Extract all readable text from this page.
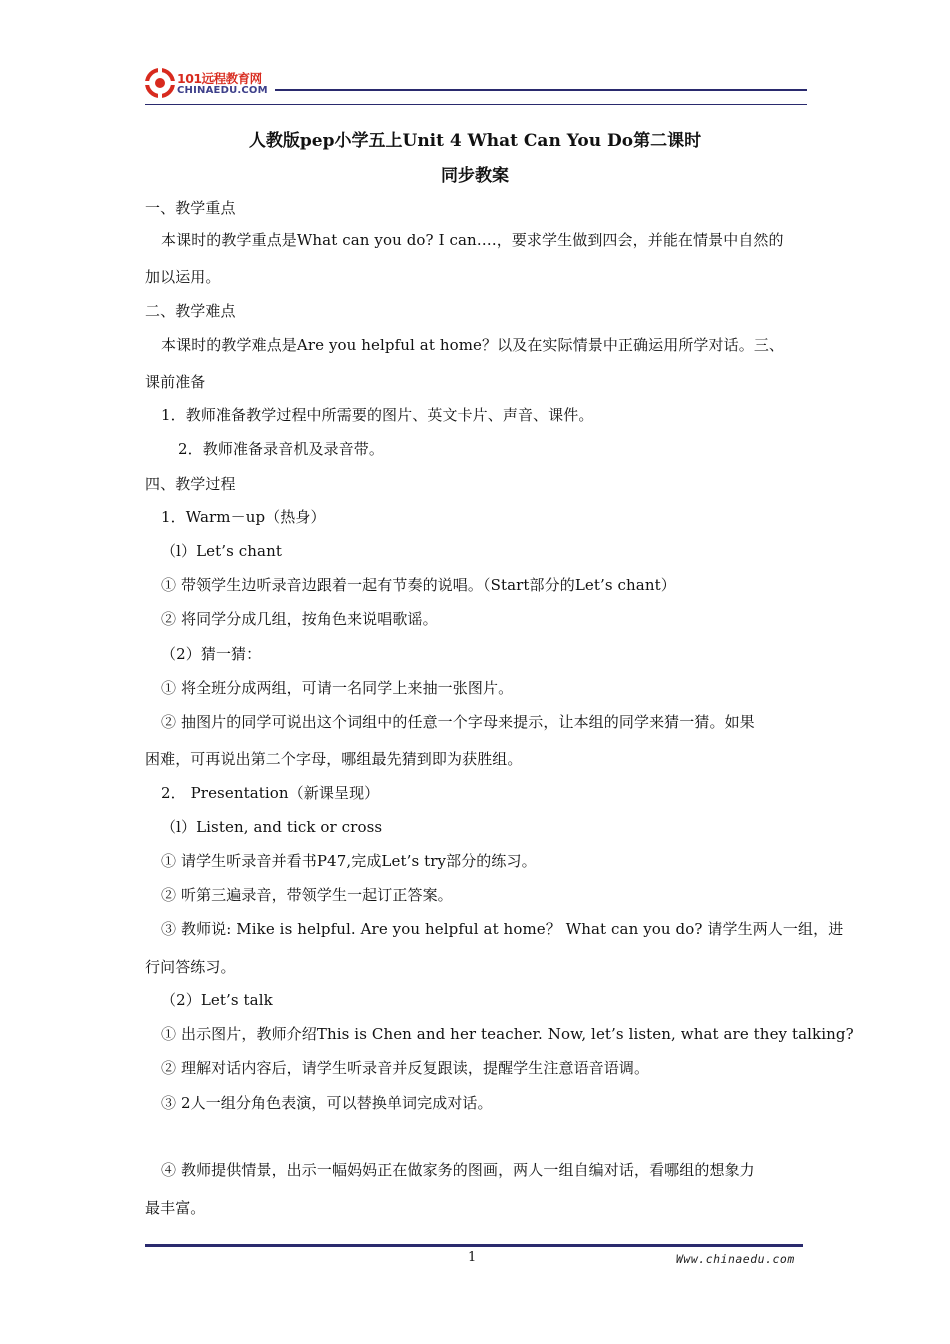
101远程教育网
CHINAEDU.COM
人教版pep小学五上Unit 4 What Can You Do第二课时
同步教案
一、教学重点
本课时的教学重点是What can you do? I can….，要求学生做到四会，并能在情景中自然的
加以运用。
二、教学难点
本课时的教学难点是Are you helpful at home？以及在实际情景中正确运用所学对话。三、
课前准备
1．教师准备教学过程中所需要的图片、英文卡片、声音、课件。
2．教师准备录音机及录音带。
四、教学过程
1．Warm－up（热身）
（l）Let’s chant
① 带领学生边听录音边跟着一起有节奏的说唱。（Start部分的Let’s chant）
② 将同学分成几组，按角色来说唱歌谣。
（2）猜一猜：
① 将全班分成两组，可请一名同学上来抽一张图片。
② 抽图片的同学可说出这个词组中的任意一个字母来提示，让本组的同学来猜一猜。如果
困难，可再说出第二个字母，哪组最先猜到即为获胜组。
2． Presentation（新课呈现）
（l）Listen, and tick or cross
① 请学生听录音并看书P47,完成Let’s try部分的练习。
② 听第三遍录音，带领学生一起订正答案。
③ 教师说: Mike is helpful. Are you helpful at home？ What can you do? 请学生两人一组，进
行问答练习。
（2）Let’s talk
① 出示图片，教师介绍This is Chen and her teacher. Now, let’s listen, what are they talking?
② 理解对话内容后，请学生听录音并反复跟读，提醒学生注意语音语调。
③ 2人一组分角色表演，可以替换单词完成对话。
④ 教师提供情景，出示一幅妈妈正在做家务的图画，两人一组自编对话，看哪组的想象力
最丰富。
1	Www.chinaedu.com
